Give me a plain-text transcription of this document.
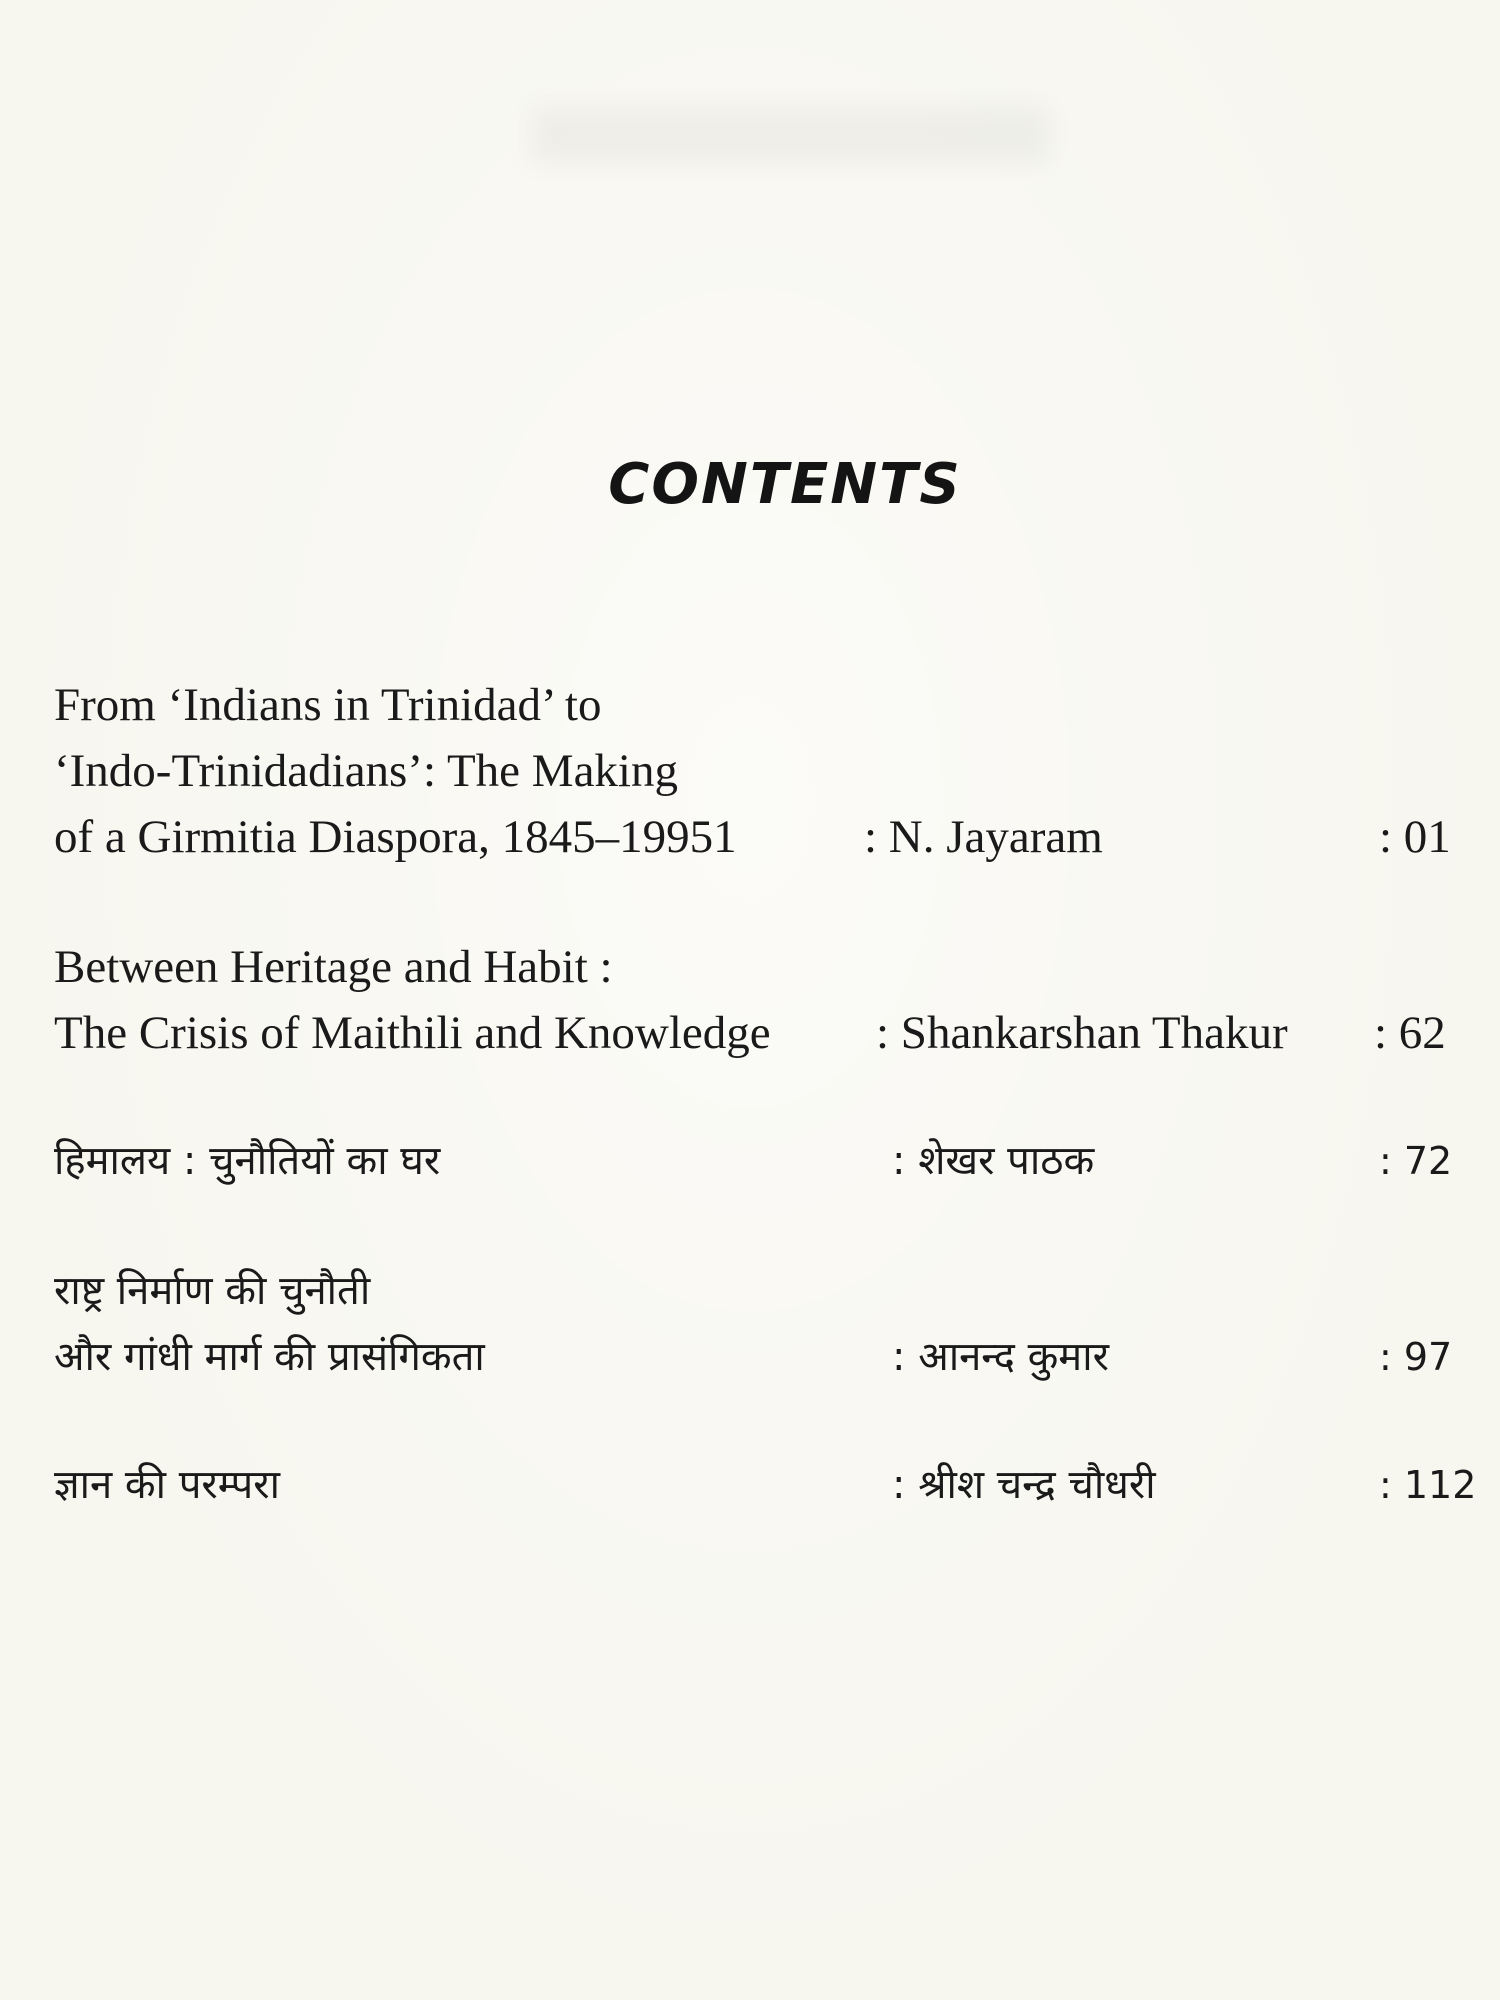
CONTENTS
From ‘Indians in Trinidad’ to
‘Indo-Trinidadians’: The Making
of a Girmitia Diaspora, 1845–19951	: N. Jayaram	: 01
Between Heritage and Habit :
The Crisis of Maithili and Knowledge : Shankarshan Thakur : 62
हिमालय : चुनौतियों का घर	: शेखर पाठक	: 72
राष्ट्र निर्माण की चुनौती
और गांधी मार्ग की प्रासंगिकता	: आनन्द कुमार	: 97
ज्ञान की परम्परा	: श्रीश चन्द्र चौधरी	: 112
